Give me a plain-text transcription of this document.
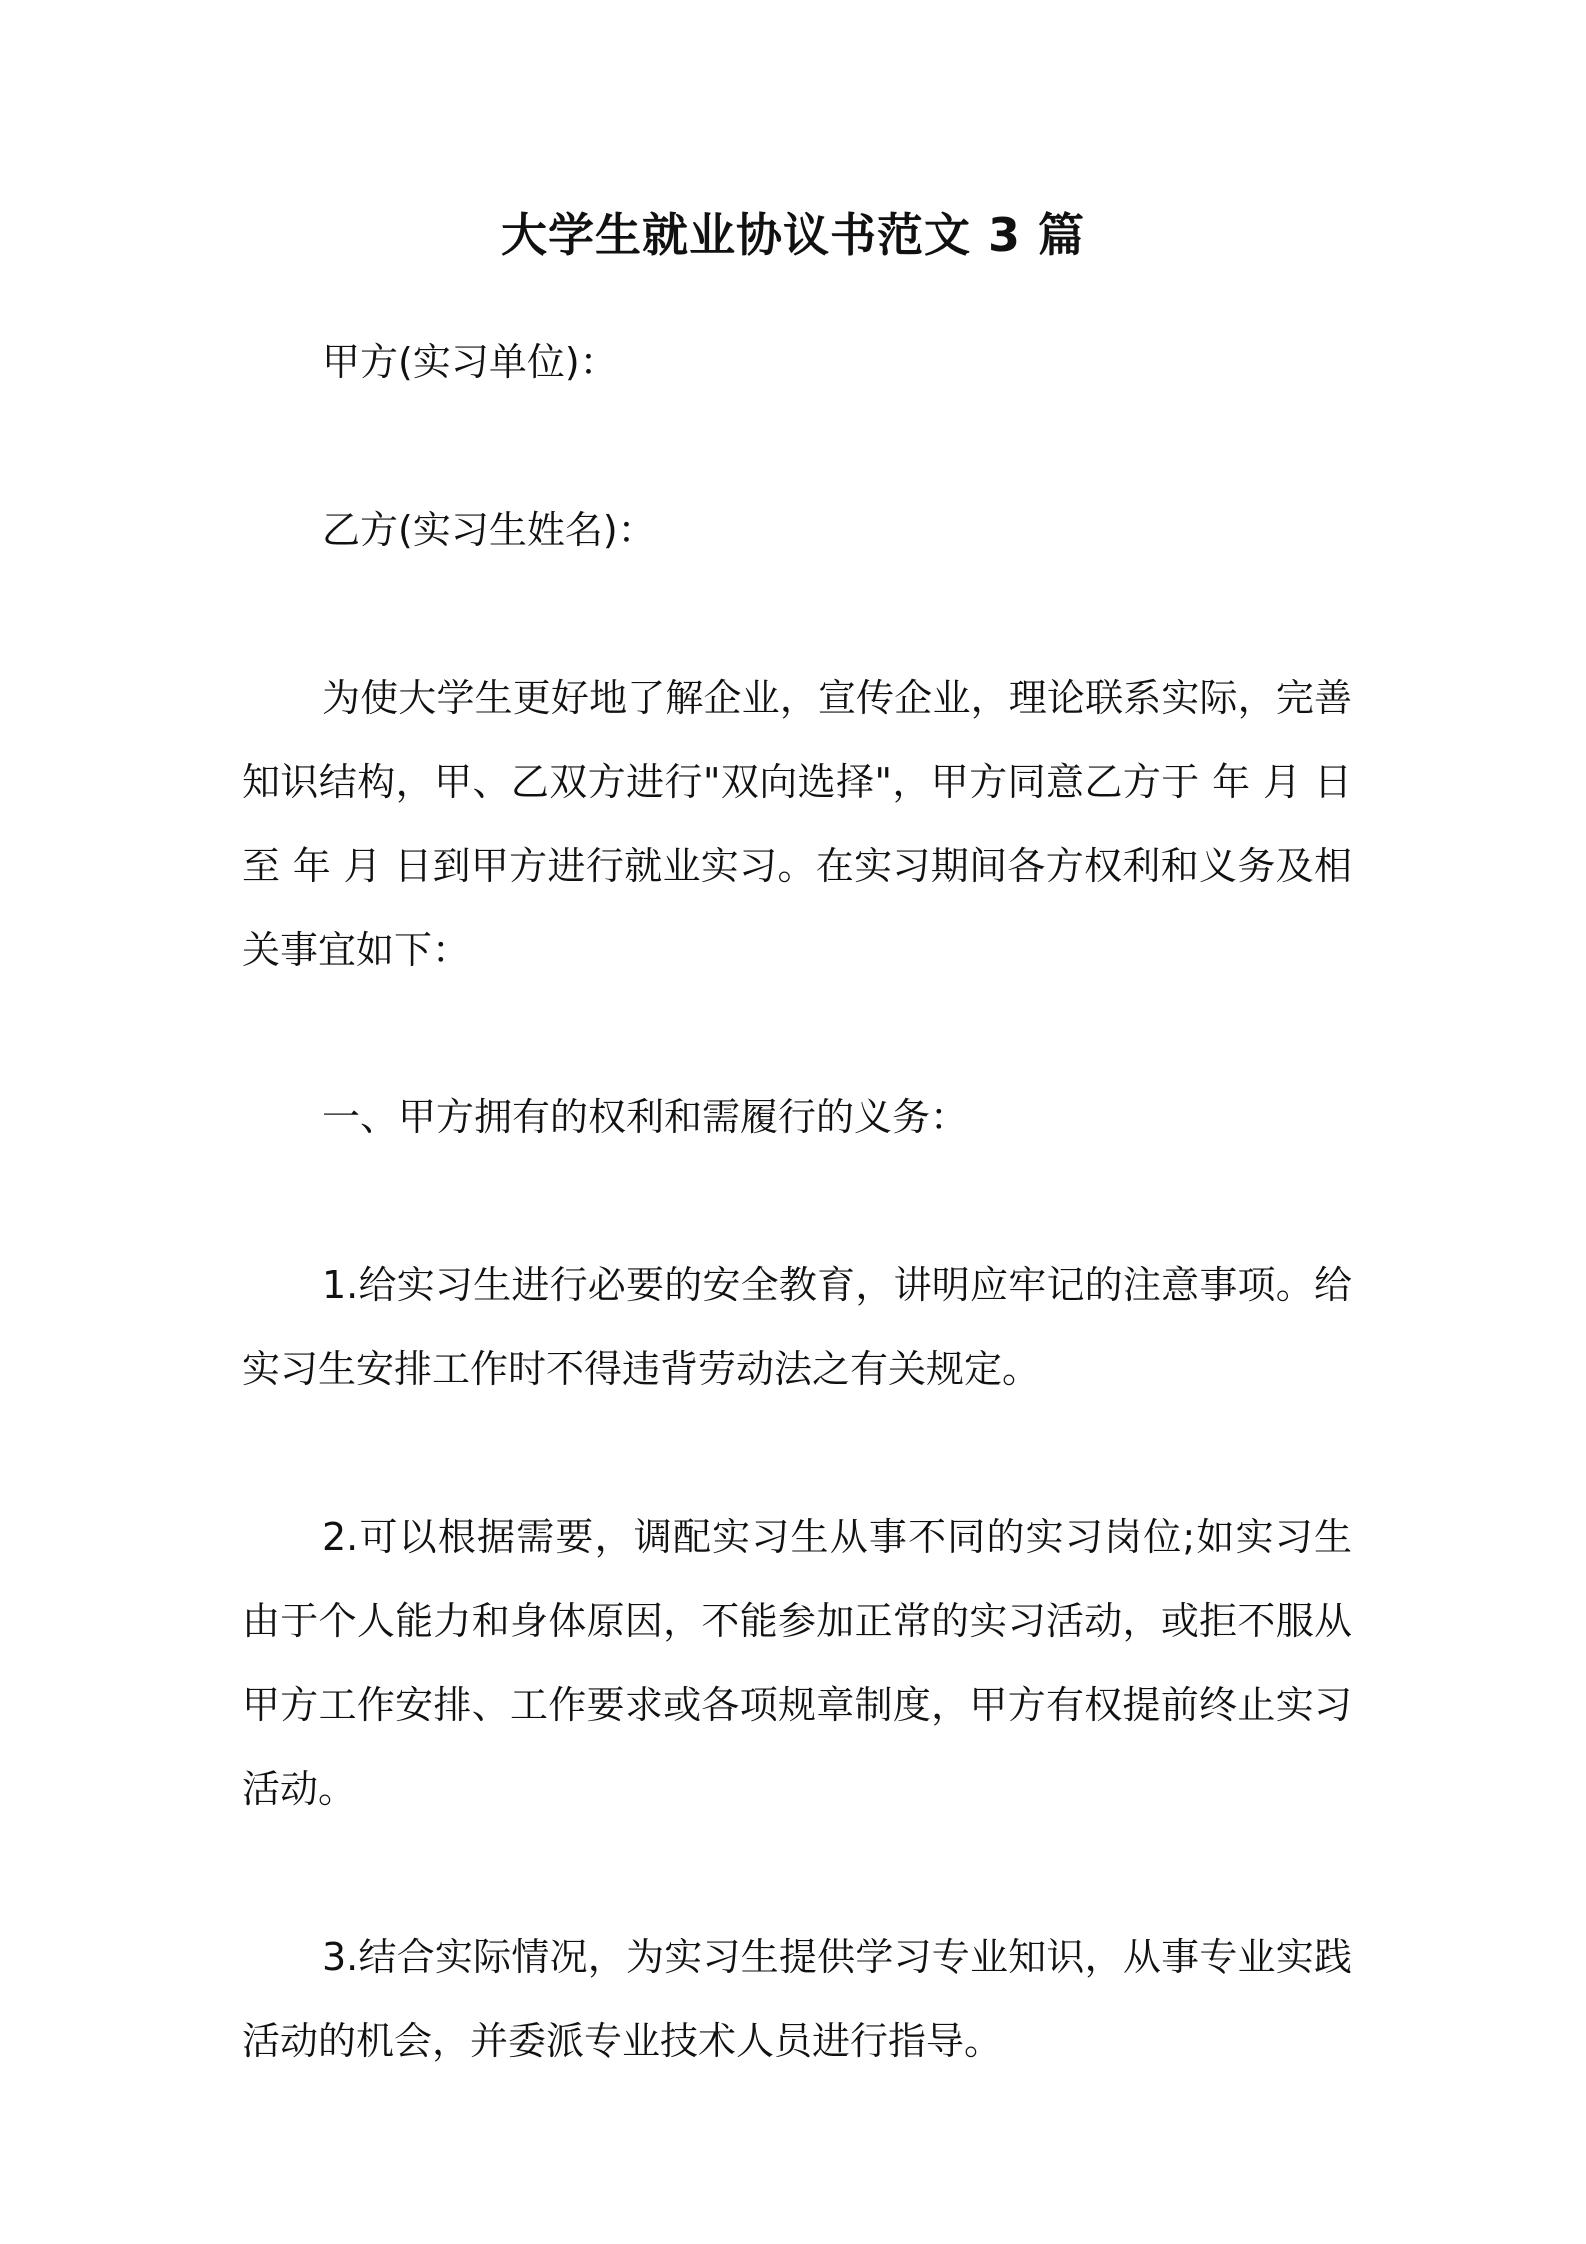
大学生就业协议书范文 3 篇

甲方(实习单位)：

乙方(实习生姓名)：

为使大学生更好地了解企业，宣传企业，理论联系实际，完善知识结构，甲、乙双方进行"双向选择"，甲方同意乙方于 年 月 日至 年 月 日到甲方进行就业实习。在实习期间各方权利和义务及相关事宜如下：

一、甲方拥有的权利和需履行的义务：

1.给实习生进行必要的安全教育，讲明应牢记的注意事项。给实习生安排工作时不得违背劳动法之有关规定。

2.可以根据需要，调配实习生从事不同的实习岗位;如实习生由于个人能力和身体原因，不能参加正常的实习活动，或拒不服从甲方工作安排、工作要求或各项规章制度，甲方有权提前终止实习活动。

3.结合实际情况，为实习生提供学习专业知识，从事专业实践活动的机会，并委派专业技术人员进行指导。
